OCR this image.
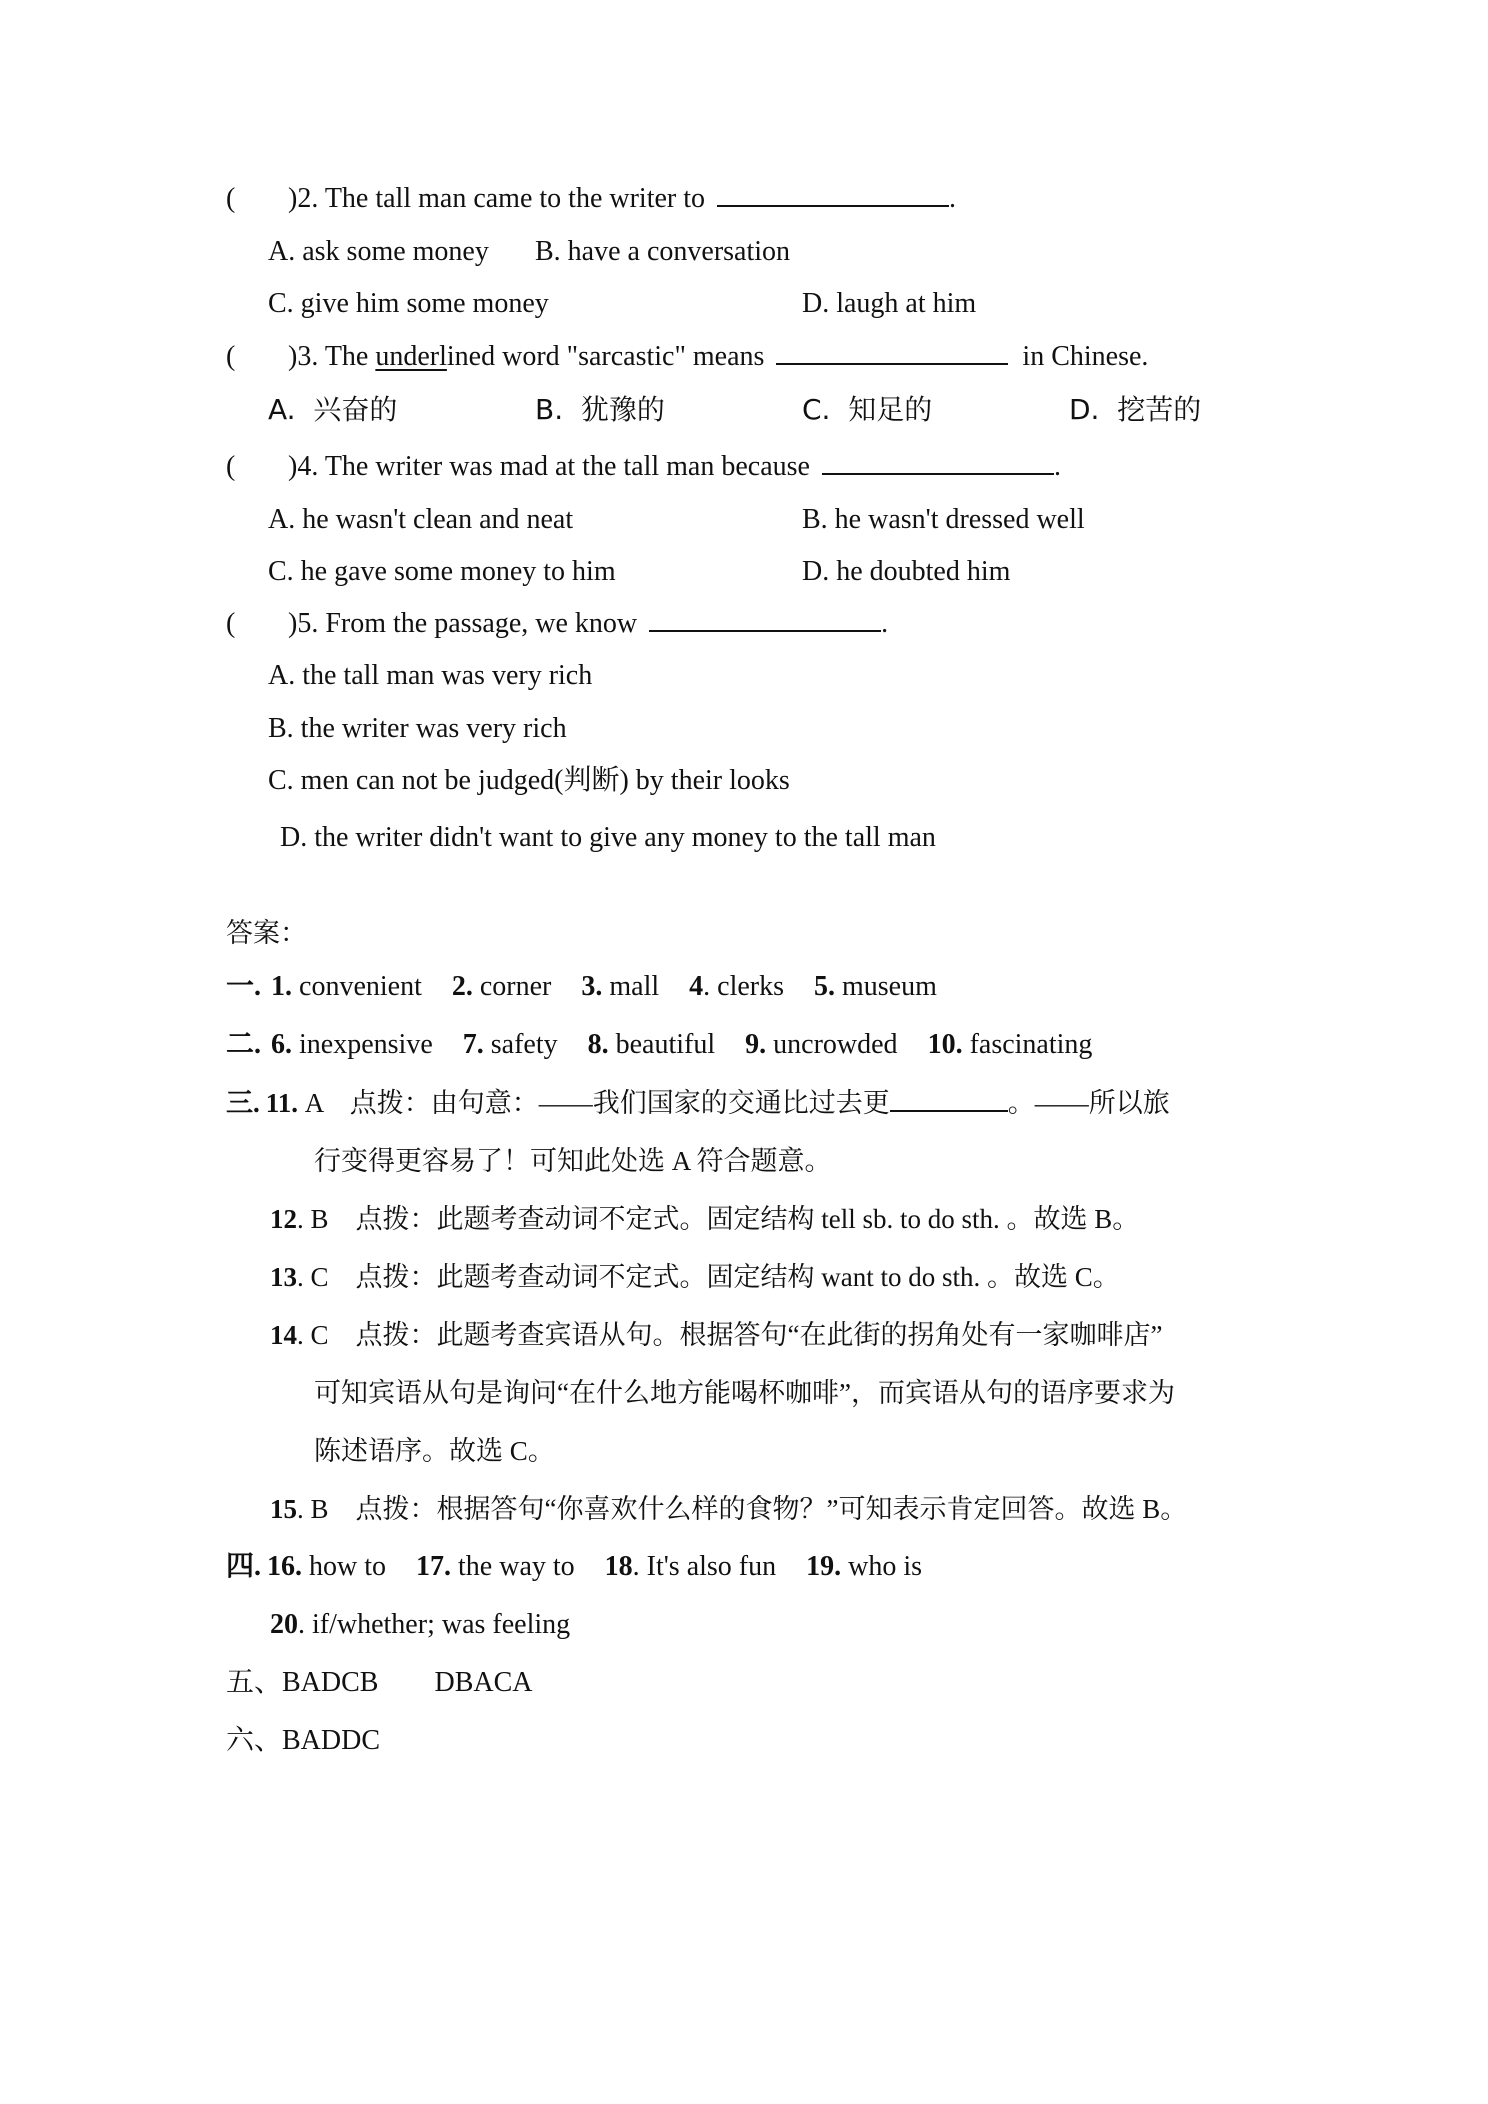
( )2. The tall man came to the writer to	.
A. ask some money B. have a conversation
C. give him some money	D. laugh at him
( )3. The underlined word "sarcastic" means	in Chinese.
A.  兴奋的	B.  犹豫的	C.  知足的	D.  挖苦的
( )4. The writer was mad at the tall man because	.
A. he wasn't clean and neat	B. he wasn't dressed well
C. he gave some money to him	D. he doubted him
( )5. From the passage, we know	.
A. the tall man was very rich
B. the writer was very rich
C. men can not be judged(判断) by their looks
D. the writer didn't want to give any money to the tall man
答案：
一. 1. convenient 2. corner 3. mall 4. clerks 5. museum
二. 6. inexpensive 7. safety 8. beautiful 9. uncrowded 10. fascinating
三. 11. A　点拨：由句意：——我们国家的交通比过去更	。——所以旅
行变得更容易了！可知此处选 A 符合题意。
12. B　点拨：此题考查动词不定式。固定结构 tell sb. to do sth. 。故选 B。
13. C　点拨：此题考查动词不定式。固定结构 want to do sth. 。故选 C。
14. C　点拨：此题考查宾语从句。根据答句“在此街的拐角处有一家咖啡店”
可知宾语从句是询问“在什么地方能喝杯咖啡”，而宾语从句的语序要求为
陈述语序。故选 C。
15. B　点拨：根据答句“你喜欢什么样的食物？”可知表示肯定回答。故选 B。
四. 16. how to 17. the way to 18. It's also fun 19. who is
20. if/whether; was feeling
五、BADCB DBACA
六、BADDC
